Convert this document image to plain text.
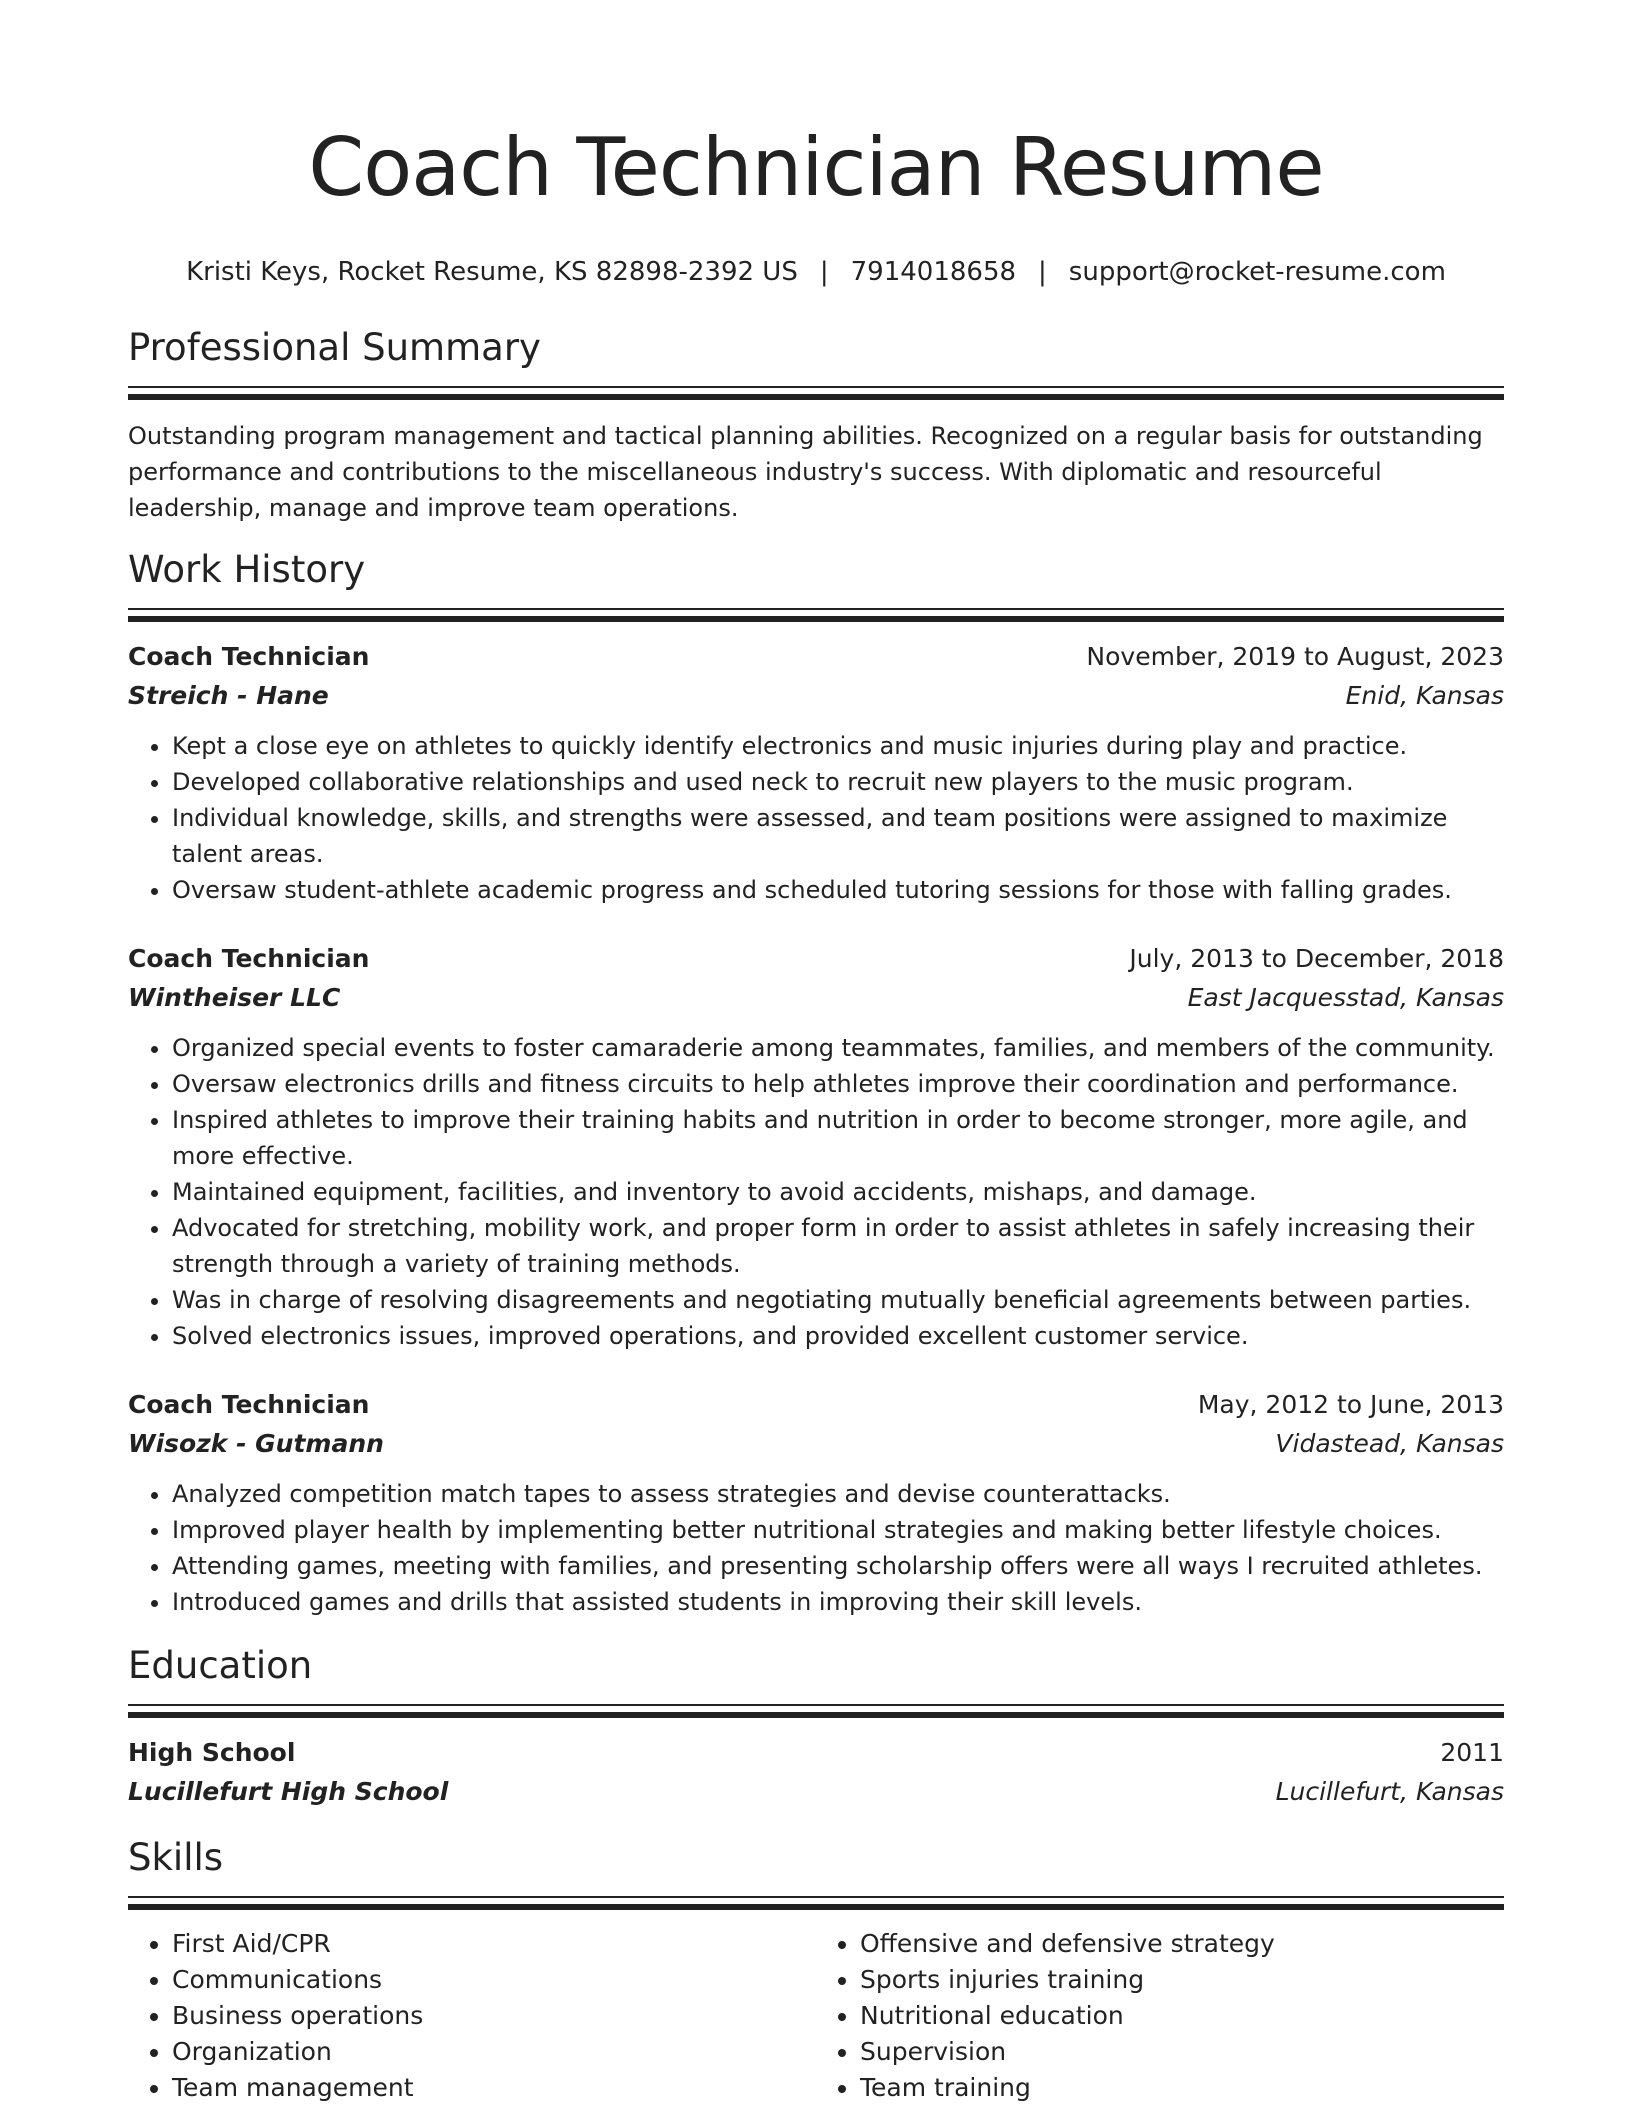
Coach Technician Resume
Kristi Keys, Rocket Resume, KS 82898-2392 US | 7914018658 | support@rocket-resume.com
Professional Summary
Outstanding program management and tactical planning abilities. Recognized on a regular basis for outstanding performance and contributions to the miscellaneous industry's success. With diplomatic and resourceful leadership, manage and improve team operations.
Work History
Coach Technician	November, 2019 to August, 2023
Streich - Hane	Enid, Kansas
• Kept a close eye on athletes to quickly identify electronics and music injuries during play and practice.
• Developed collaborative relationships and used neck to recruit new players to the music program.
• Individual knowledge, skills, and strengths were assessed, and team positions were assigned to maximize talent areas.
• Oversaw student-athlete academic progress and scheduled tutoring sessions for those with falling grades.
Coach Technician	July, 2013 to December, 2018
Wintheiser LLC	East Jacquesstad, Kansas
• Organized special events to foster camaraderie among teammates, families, and members of the community.
• Oversaw electronics drills and fitness circuits to help athletes improve their coordination and performance.
• Inspired athletes to improve their training habits and nutrition in order to become stronger, more agile, and more effective.
• Maintained equipment, facilities, and inventory to avoid accidents, mishaps, and damage.
• Advocated for stretching, mobility work, and proper form in order to assist athletes in safely increasing their strength through a variety of training methods.
• Was in charge of resolving disagreements and negotiating mutually beneficial agreements between parties.
• Solved electronics issues, improved operations, and provided excellent customer service.
Coach Technician	May, 2012 to June, 2013
Wisozk - Gutmann	Vidastead, Kansas
• Analyzed competition match tapes to assess strategies and devise counterattacks.
• Improved player health by implementing better nutritional strategies and making better lifestyle choices.
• Attending games, meeting with families, and presenting scholarship offers were all ways I recruited athletes.
• Introduced games and drills that assisted students in improving their skill levels.
Education
High School	2011
Lucillefurt High School	Lucillefurt, Kansas
Skills
• First Aid/CPR
• Communications
• Business operations
• Organization
• Team management
• Offensive and defensive strategy
• Sports injuries training
• Nutritional education
• Supervision
• Team training
